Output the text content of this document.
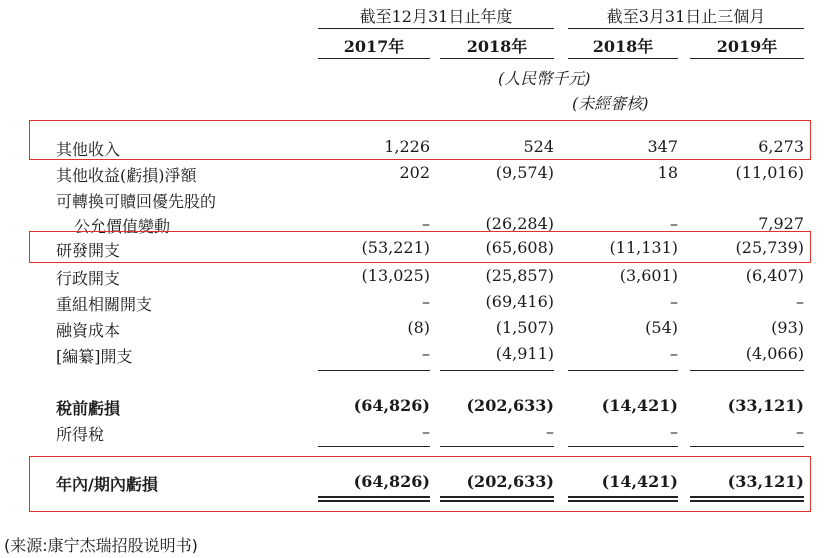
截至12月31日止年度	截至3月31日止三個月
2017年	2018年	2018年	2019年
(人民幣千元)
(未經審核)
其他收入	1,226	524	347	6,273
其他收益(虧損)淨額	202	(9,574)	18	(11,016)
可轉換可贖回優先股的
公允價值變動	–	(26,284)	–	7,927
研發開支	(53,221)	(65,608)	(11,131)	(25,739)
行政開支	(13,025)	(25,857)	(3,601)	(6,407)
重組相關開支	–	(69,416)	–	–
融資成本	(8)	(1,507)	(54)	(93)
[編纂]開支	–	(4,911)	–	(4,066)
稅前虧損	(64,826)	(202,633)	(14,421)	(33,121)
所得稅	–	–	–	–
年內/期內虧損	(64,826)	(202,633)	(14,421)	(33,121)
(来源:康宁杰瑞招股说明书)
